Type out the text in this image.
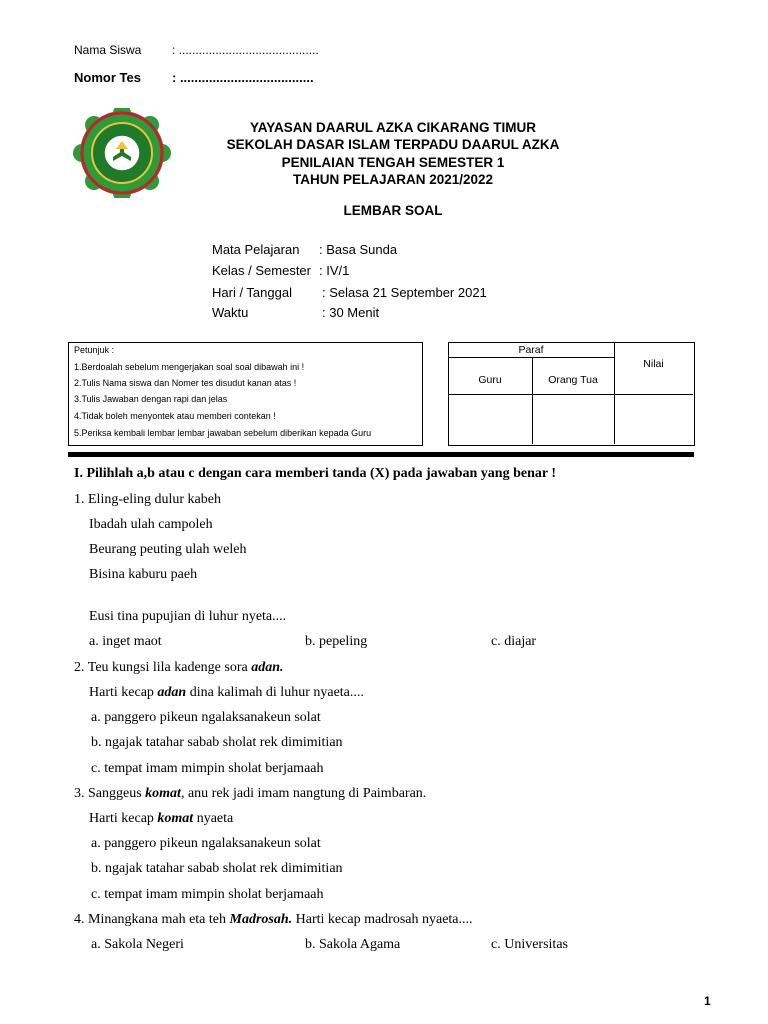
Nama Siswa	: ..........................................
Nomor Tes : .....................................
YAYASAN DAARUL AZKA CIKARANG TIMUR
SEKOLAH DASAR ISLAM TERPADU DAARUL AZKA
PENILAIAN TENGAH SEMESTER 1
TAHUN PELAJARAN 2021/2022
LEMBAR SOAL
Mata Pelajaran : Basa Sunda
Kelas / Semester : IV/1
Hari / Tanggal : Selasa 21 September 2021
Waktu	: 30 Menit
Petunjuk :
1.Berdoalah sebelum mengerjakan soal soal dibawah ini !
2.Tulis Nama siswa dan Nomer tes disudut kanan atas !
3.Tulis Jawaban dengan rapi dan jelas
4.Tidak boleh menyontek atau memberi contekan !
5.Periksa kembali lembar lembar jawaban sebelum diberikan kepada Guru
Paraf
Guru	Orang Tua
Nilai
I. Pilihlah a,b atau c dengan cara memberi tanda (X) pada jawaban yang benar !
1. Eling-eling dulur kabeh
Ibadah ulah campoleh
Beurang peuting ulah weleh
Bisina kaburu paeh
Eusi tina pupujian di luhur nyeta....
a. inget maot	b. pepeling	c. diajar
2. Teu kungsi lila kadenge sora adan.
Harti kecap adan dina kalimah di luhur nyaeta....
a. panggero pikeun ngalaksanakeun solat
b. ngajak tatahar sabab sholat rek dimimitian
c. tempat imam mimpin sholat berjamaah
3. Sanggeus komat, anu rek jadi imam nangtung di Paimbaran.
Harti kecap komat nyaeta
a. panggero pikeun ngalaksanakeun solat
b. ngajak tatahar sabab sholat rek dimimitian
c. tempat imam mimpin sholat berjamaah
4. Minangkana mah eta teh Madrosah. Harti kecap madrosah nyaeta....
a. Sakola Negeri	b. Sakola Agama	c. Universitas
1
